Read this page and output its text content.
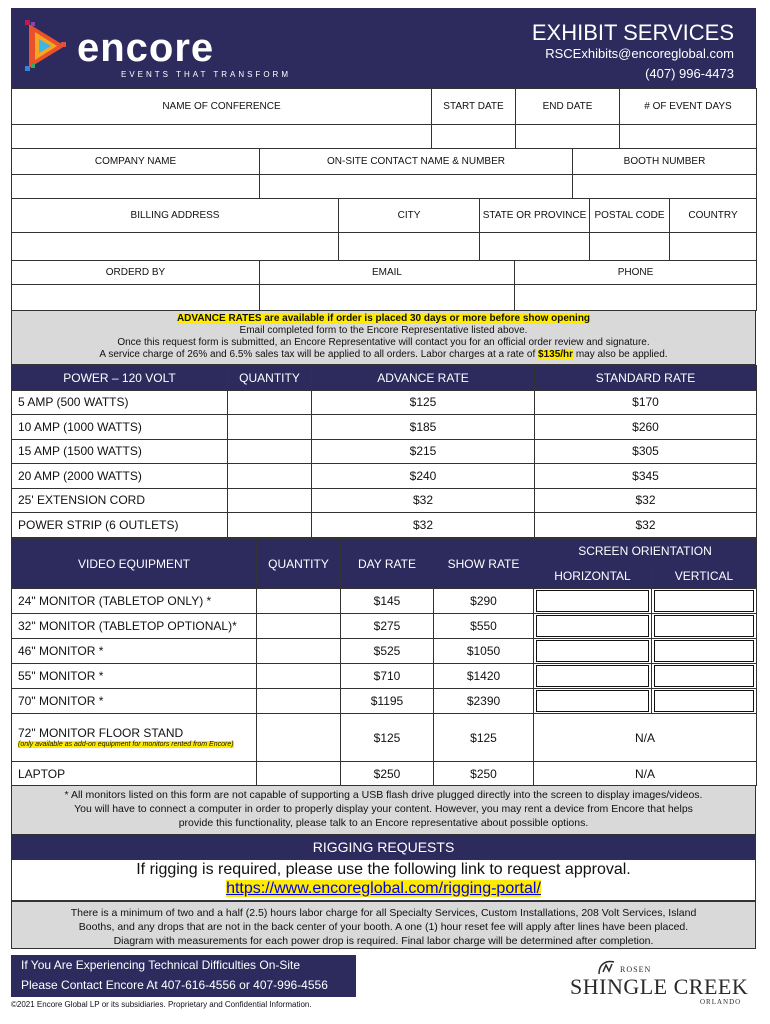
encore
EVENTS THAT TRANSFORM
EXHIBIT SERVICES
RSCExhibits@encoreglobal.com
(407) 996-4473
NAME OF CONFERENCE	START DATE	END DATE	# OF EVENT DAYS

COMPANY NAME	ON-SITE CONTACT NAME & NUMBER	BOOTH NUMBER

BILLING ADDRESS	CITY	STATE OR PROVINCE	POSTAL CODE	COUNTRY

ORDERD BY	EMAIL	PHONE

ADVANCE RATES are available if order is placed 30 days or more before show opening
Email completed form to the Encore Representative listed above.
Once this request form is submitted, an Encore Representative will contact you for an official order review and signature.
A service charge of 26% and 6.5% sales tax will be applied to all orders. Labor charges at a rate of $135/hr may also be applied.
POWER – 120 VOLT	QUANTITY	ADVANCE RATE	STANDARD RATE
5 AMP (500 WATTS)		$125	$170
10 AMP (1000 WATTS)		$185	$260
15 AMP (1500 WATTS)		$215	$305
20 AMP (2000 WATTS)		$240	$345
25' EXTENSION CORD		$32	$32
POWER STRIP (6 OUTLETS)		$32	$32
VIDEO EQUIPMENT	QUANTITY	DAY RATE	SHOW RATE	SCREEN ORIENTATION	
				HORIZONTAL	VERTICAL
24" MONITOR (TABLETOP ONLY) *		$145	$290	

32" MONITOR (TABLETOP OPTIONAL)*		$275	$550	

46" MONITOR *		$525	$1050	

55" MONITOR *		$710	$1420	

70" MONITOR *		$1195	$2390	

72" MONITOR FLOOR STAND
(only available as add-on equipment for monitors rented from Encore)		$125	$125	N/A	
LAPTOP		$250	$250	N/A	
* All monitors listed on this form are not capable of supporting a USB flash drive plugged directly into the screen to display images/videos.
You will have to connect a computer in order to properly display your content. However, you may rent a device from Encore that helps
provide this functionality, please talk to an Encore representative about possible options.
RIGGING REQUESTS
If rigging is required, please use the following link to request approval.
https://www.encoreglobal.com/rigging-portal/
There is a minimum of two and a half (2.5) hours labor charge for all Specialty Services, Custom Installations, 208 Volt Services, Island
Booths, and any drops that are not in the back center of your booth. A one (1) hour reset fee will apply after lines have been placed.
Diagram with measurements for each power drop is required. Final labor charge will be determined after completion.
If You Are Experiencing Technical Difficulties On-Site
Please Contact Encore At 407-616-4556 or 407-996-4556
ROSEN
SHINGLE CREEK
ORLANDO
©2021 Encore Global LP or its subsidiaries. Proprietary and Confidential Information.
